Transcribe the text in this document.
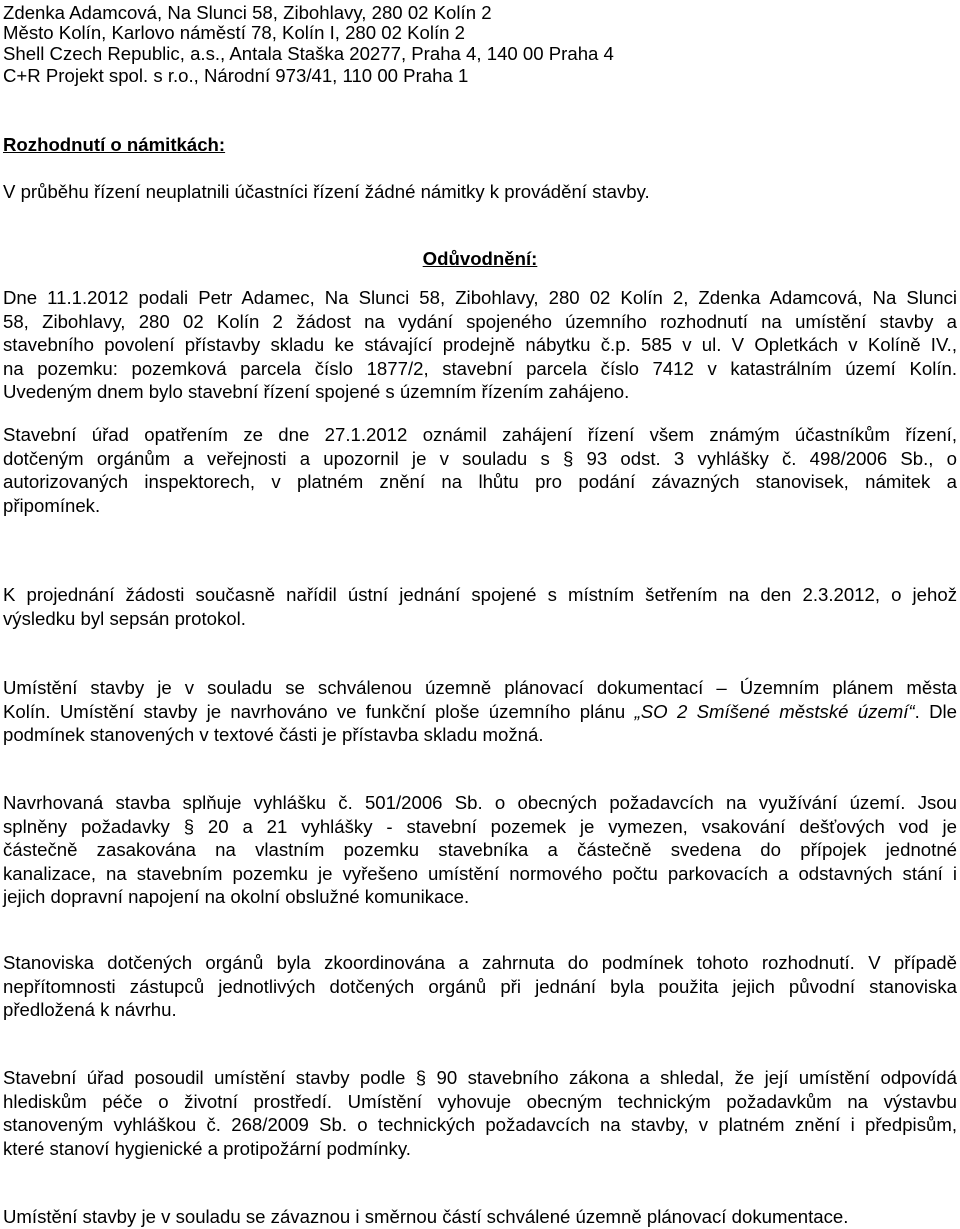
Zdenka Adamcová, Na Slunci 58, Zibohlavy, 280 02 Kolín 2
Město Kolín, Karlovo náměstí 78, Kolín I, 280 02 Kolín 2
Shell Czech Republic, a.s., Antala Staška 20277, Praha 4, 140 00 Praha 4
C+R Projekt spol. s r.o., Národní 973/41, 110 00 Praha 1
Rozhodnutí o námitkách:
V průběhu řízení neuplatnili účastníci řízení žádné námitky k provádění stavby.
Odůvodnění:
Dne 11.1.2012 podali Petr Adamec, Na Slunci 58, Zibohlavy, 280 02 Kolín 2, Zdenka Adamcová, Na Slunci
58, Zibohlavy, 280 02 Kolín 2 žádost na vydání spojeného územního rozhodnutí na umístění stavby a
stavebního povolení přístavby skladu ke stávající prodejně nábytku č.p. 585 v ul. V Opletkách v Kolíně IV.,
na pozemku: pozemková parcela číslo 1877/2, stavební parcela číslo 7412 v katastrálním území Kolín.
Uvedeným dnem bylo stavební řízení spojené s územním řízením zahájeno.
Stavební úřad opatřením ze dne 27.1.2012 oznámil zahájení řízení všem známým účastníkům řízení,
dotčeným orgánům a veřejnosti a upozornil je v souladu s § 93 odst. 3 vyhlášky č. 498/2006 Sb., o
autorizovaných inspektorech, v platném znění na lhůtu pro podání závazných stanovisek, námitek a
připomínek.
K projednání žádosti současně nařídil ústní jednání spojené s místním šetřením na den 2.3.2012, o jehož
výsledku byl sepsán protokol.
Umístění stavby je v souladu se schválenou územně plánovací dokumentací – Územním plánem města
Kolín. Umístění stavby je navrhováno ve funkční ploše územního plánu „SO 2 Smíšené městské území“. Dle
podmínek stanovených v textové části je přístavba skladu možná.
Navrhovaná stavba splňuje vyhlášku č. 501/2006 Sb. o obecných požadavcích na využívání území. Jsou
splněny požadavky § 20 a 21 vyhlášky - stavební pozemek je vymezen, vsakování dešťových vod je
částečně zasakována na vlastním pozemku stavebníka a částečně svedena do přípojek jednotné
kanalizace, na stavebním pozemku je vyřešeno umístění normového počtu parkovacích a odstavných stání i
jejich dopravní napojení na okolní obslužné komunikace.
Stanoviska dotčených orgánů byla zkoordinována a zahrnuta do podmínek tohoto rozhodnutí. V případě
nepřítomnosti zástupců jednotlivých dotčených orgánů při jednání byla použita jejich původní stanoviska
předložená k návrhu.
Stavební úřad posoudil umístění stavby podle § 90 stavebního zákona a shledal, že její umístění odpovídá
hlediskům péče o životní prostředí. Umístění vyhovuje obecným technickým požadavkům na výstavbu
stanoveným vyhláškou č. 268/2009 Sb. o technických požadavcích na stavby, v platném znění i předpisům,
které stanoví hygienické a protipožární podmínky.
Umístění stavby je v souladu se závaznou i směrnou částí schválené územně plánovací dokumentace.
